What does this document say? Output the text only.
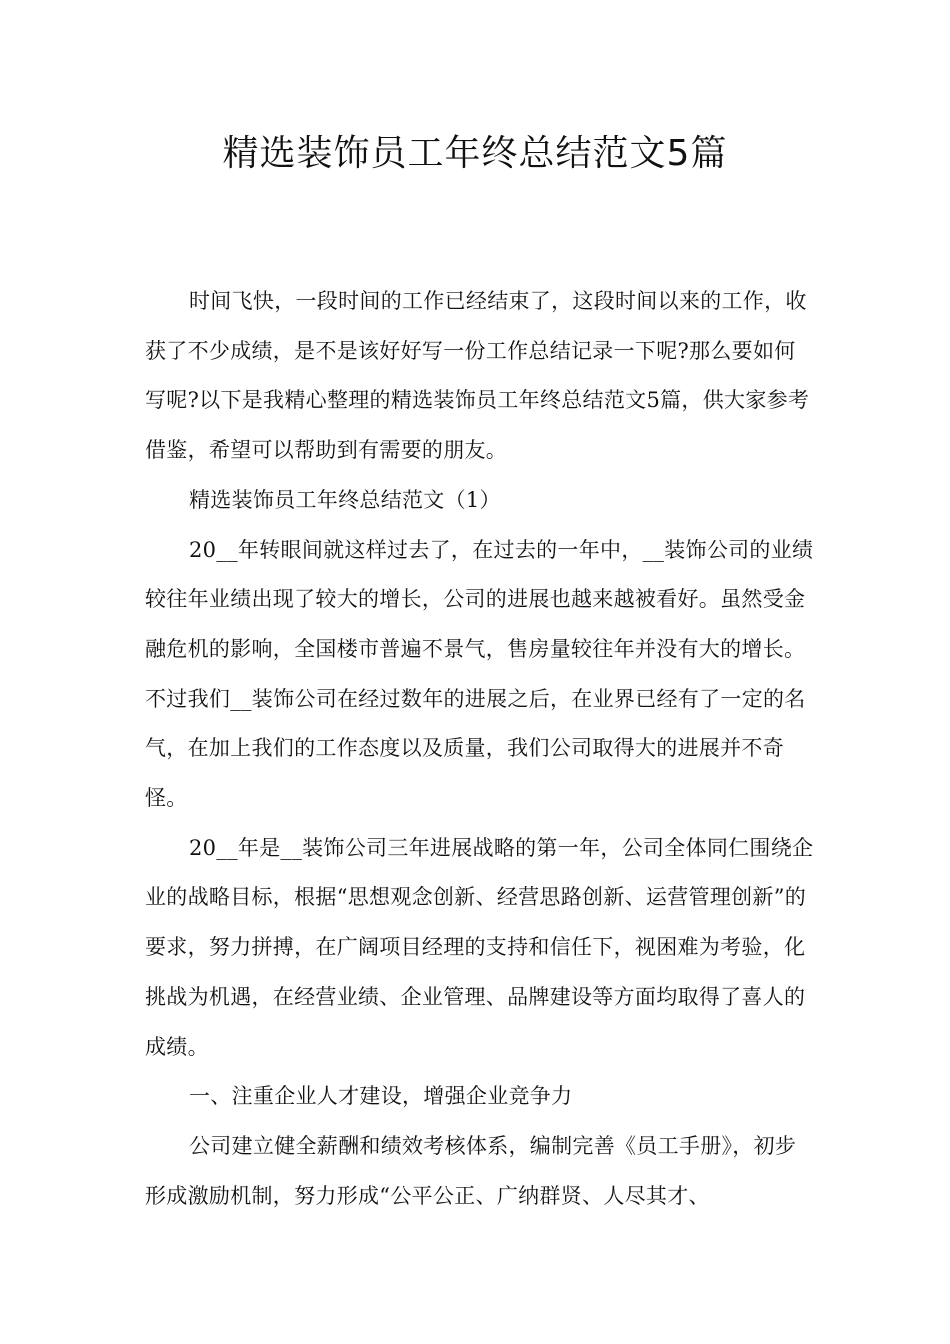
精选装饰员工年终总结范文5篇

时间飞快，一段时间的工作已经结束了，这段时间以来的工作，收获了不少成绩，是不是该好好写一份工作总结记录一下呢?那么要如何写呢?以下是我精心整理的精选装饰员工年终总结范文5篇，供大家参考借鉴，希望可以帮助到有需要的朋友。

精选装饰员工年终总结范文（1）

20__年转眼间就这样过去了，在过去的一年中，__装饰公司的业绩较往年业绩出现了较大的增长，公司的进展也越来越被看好。虽然受金融危机的影响，全国楼市普遍不景气，售房量较往年并没有大的增长。不过我们__装饰公司在经过数年的进展之后，在业界已经有了一定的名气，在加上我们的工作态度以及质量，我们公司取得大的进展并不奇怪。

20__年是__装饰公司三年进展战略的第一年，公司全体同仁围绕企业的战略目标，根据“思想观念创新、经营思路创新、运营管理创新”的要求，努力拼搏，在广阔项目经理的支持和信任下，视困难为考验，化挑战为机遇，在经营业绩、企业管理、品牌建设等方面均取得了喜人的成绩。

一、注重企业人才建设，增强企业竞争力

公司建立健全薪酬和绩效考核体系，编制完善《员工手册》，初步形成激励机制，努力形成“公平公正、广纳群贤、人尽其才、
